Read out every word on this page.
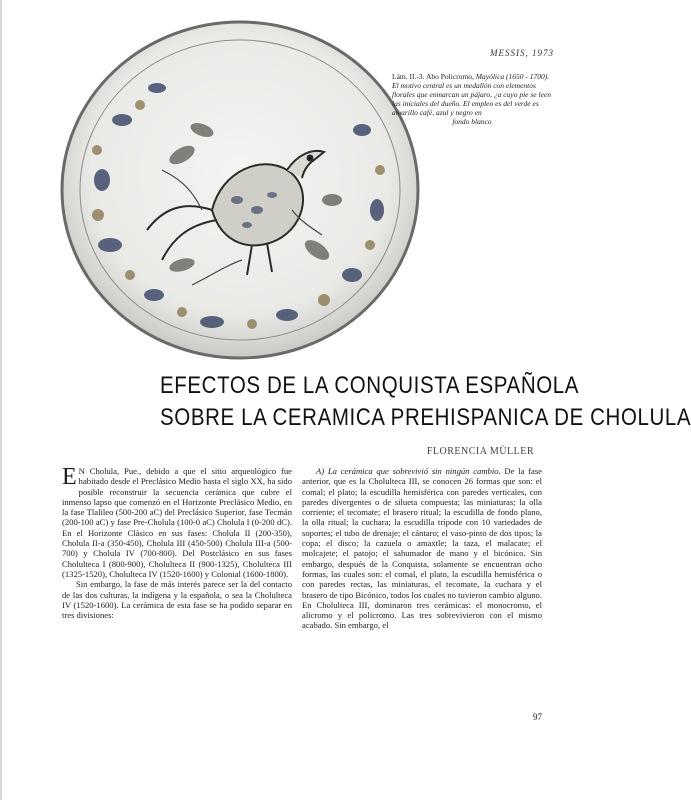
MESSIS, 1973
Lám. II.-3. Abo Policromo, Mayólica (1650 - 1700). El motivo central es un medallón con elementos florales que enmarcan un pájaro, ¿a cuyo pie se leen las iniciales del dueño. El empleo es del verde es amarillo café, azul y negro en
fondo blanco
EFECTOS DE LA CONQUISTA ESPAÑOLA
SOBRE LA CERAMICA PREHISPANICA DE CHOLULA
FLORENCIA MÜLLER

E N Cholula, Pue., debido a que el sitio arqueológico fue habitado desde el Preclásico Medio hasta el siglo XX, ha sido posible reconstruir la secuencia cerámica que cubre el inmenso lapso que comenzó en el Horizonte Preclásico Medio, en la fase Tlalileo (500-200 aC) del Preclásico Superior, fase Tecmán (200-100 aC) y fase Pre-Cholula (100-0 aC) Cholula I (0-200 dC). En el Horizonte Clásico en sus fases: Cholula II (200-350), Cholula II-a (350-450), Cholula III (450-500) Cholula III-a (500-700) y Cholula IV (700-800). Del Postclásico en sus fases Cholulteca I (800-900), Cholulteca II (900-1325), Cholulteca III (1325-1520), Cholulteca IV (1520-1600) y Colonial (1600-1800).

Sin embargo, la fase de más interés parece ser la del contacto de las dos culturas, la indígena y la española, o sea la Cholulteca IV (1520-1600). La cerámica de esta fase se ha podido separar en tres divisiones:

A) La cerámica que sobrevivió sin ningún cambio. De la fase anterior, que es la Cholulteca III, se conocen 26 formas que son: el comal; el plato; la escudilla hemisférica con paredes verticales, con paredes divergentes o de silueta compuesta; las miniaturas; la olla corriente; el tecomate; el brasero ritual; la escudilla de fondo plano, la olla ritual; la cuchara; la escudilla trípode con 10 variedades de soportes; el tubo de drenaje; el cántaro; el vaso-pinto de dos tipos; la copa; el disco; la cazuela o amaxtle; la taza, el malacate; el molcajete; el patojo; el sahumador de mano y el bicónico. Sin embargo, después de la Conquista, solamente se encuentran ocho formas, las cuales son: el comal, el plato, la escudilla hemisférica o con paredes rectas, las miniaturas, el tecomate, la cuchara y el brasero de tipo Bicónico, todos los cuales no tuvieron cambio alguno. En Cholulteca III, dominaron tres cerámicas: el monocromo, el alicromo y el policromo. Las tres sobrevivieron con el mismo acabado. Sin embargo, el

97
